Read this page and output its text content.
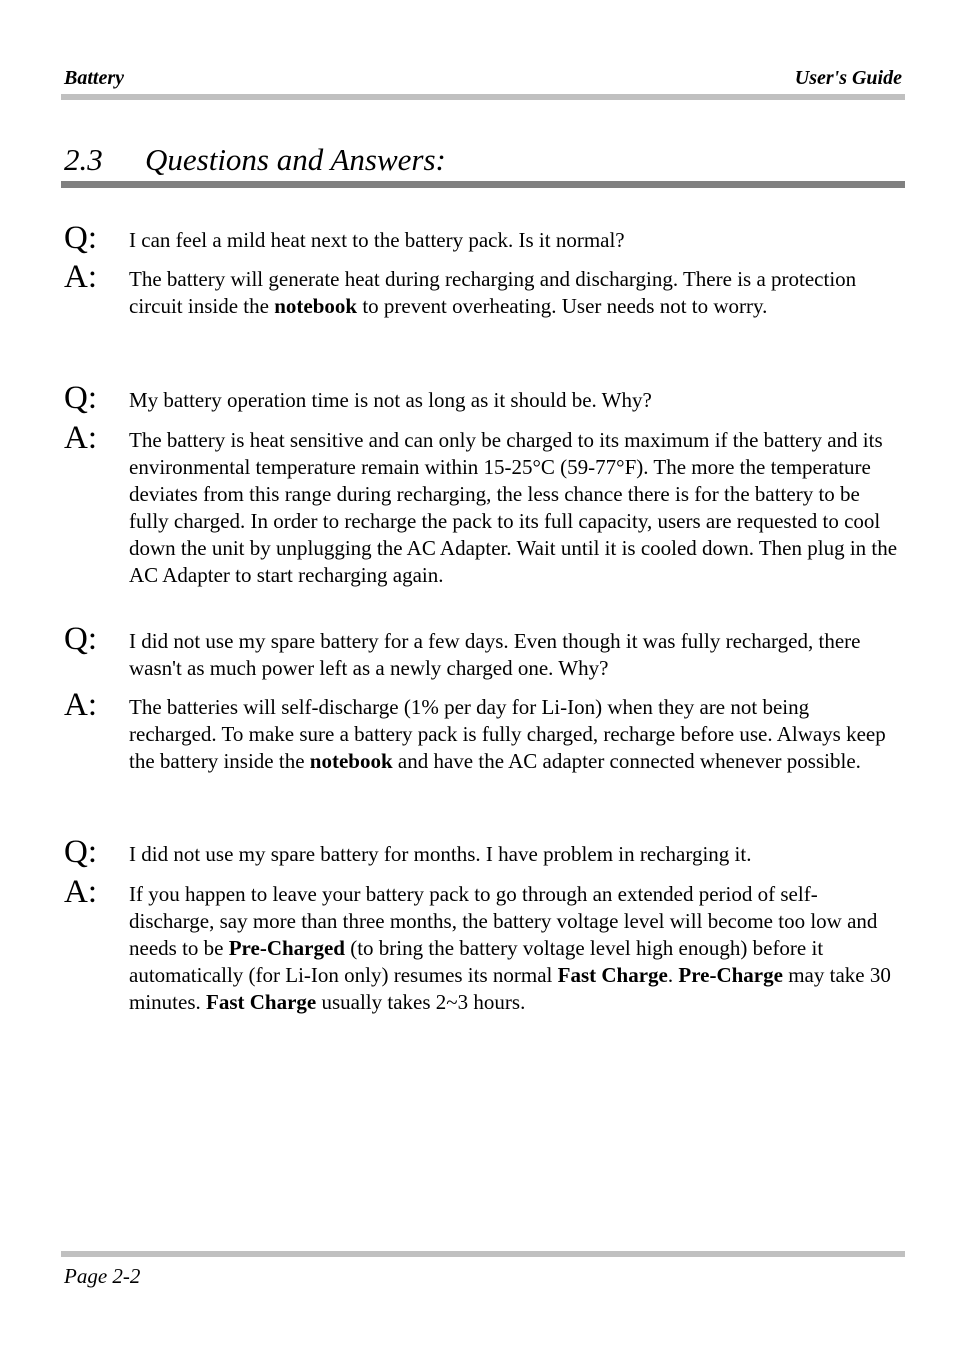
Battery	User's Guide
2.3 Questions and Answers:
Q: I can feel a mild heat next to the battery pack. Is it normal?
A: The battery will generate heat during recharging and discharging. There is a protection circuit inside the notebook to prevent overheating. User needs not to worry.
Q: My battery operation time is not as long as it should be. Why?
A: The battery is heat sensitive and can only be charged to its maximum if the battery and its environmental temperature remain within 15-25°C (59-77°F). The more the temperature deviates from this range during recharging, the less chance there is for the battery to be fully charged. In order to recharge the pack to its full capacity, users are requested to cool down the unit by unplugging the AC Adapter. Wait until it is cooled down. Then plug in the AC Adapter to start recharging again.
Q: I did not use my spare battery for a few days. Even though it was fully recharged, there wasn't as much power left as a newly charged one. Why?
A: The batteries will self-discharge (1% per day for Li-Ion) when they are not being recharged. To make sure a battery pack is fully charged, recharge before use. Always keep the battery inside the notebook and have the AC adapter connected whenever possible.
Q: I did not use my spare battery for months. I have problem in recharging it.
A: If you happen to leave your battery pack to go through an extended period of self-discharge, say more than three months, the battery voltage level will become too low and needs to be Pre-Charged (to bring the battery voltage level high enough) before it automatically (for Li-Ion only) resumes its normal Fast Charge. Pre-Charge may take 30 minutes. Fast Charge usually takes 2~3 hours.
Page 2-2
